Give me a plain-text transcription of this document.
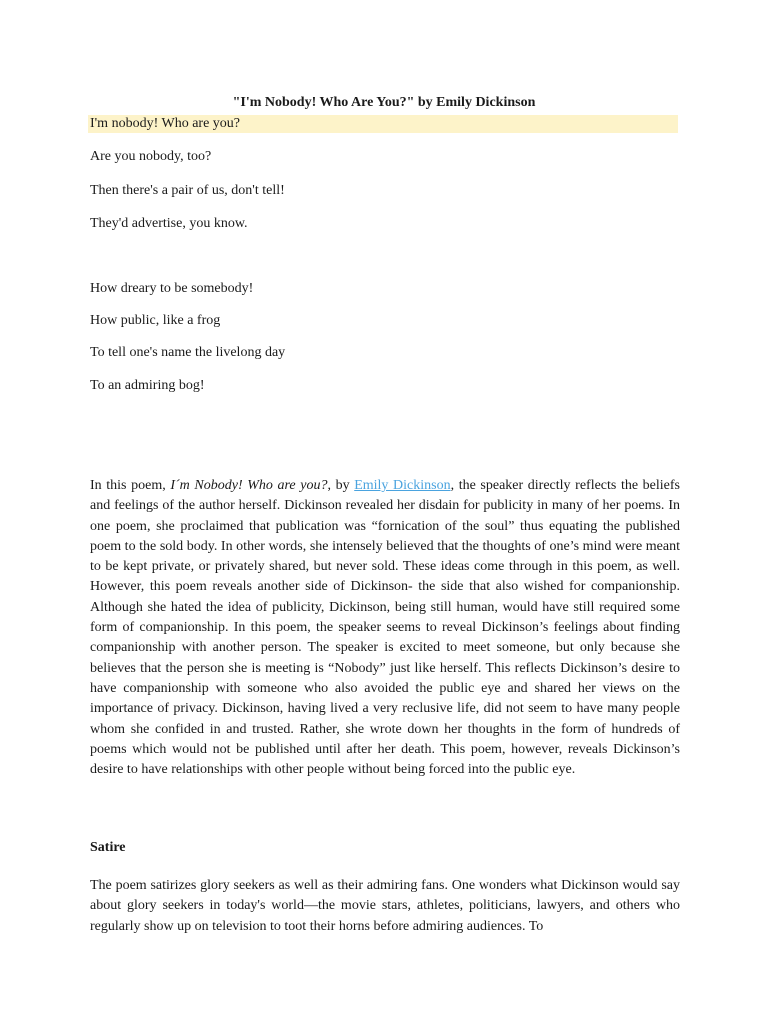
"I'm Nobody! Who Are You?" by Emily Dickinson
I'm nobody! Who are you?
Are you nobody, too?
Then there's a pair of us, don't tell!
They'd advertise, you know.
How dreary to be somebody!
How public, like a frog
To tell one's name the livelong day
To an admiring bog!
In this poem, I´m Nobody! Who are you?, by Emily Dickinson, the speaker directly reflects the beliefs and feelings of the author herself. Dickinson revealed her disdain for publicity in many of her poems. In one poem, she proclaimed that publication was “fornication of the soul” thus equating the published poem to the sold body. In other words, she intensely believed that the thoughts of one’s mind were meant to be kept private, or privately shared, but never sold. These ideas come through in this poem, as well. However, this poem reveals another side of Dickinson- the side that also wished for companionship. Although she hated the idea of publicity, Dickinson, being still human, would have still required some form of companionship. In this poem, the speaker seems to reveal Dickinson’s feelings about finding companionship with another person. The speaker is excited to meet someone, but only because she believes that the person she is meeting is “Nobody” just like herself. This reflects Dickinson’s desire to have companionship with someone who also avoided the public eye and shared her views on the importance of privacy. Dickinson, having lived a very reclusive life, did not seem to have many people whom she confided in and trusted. Rather, she wrote down her thoughts in the form of hundreds of poems which would not be published until after her death. This poem, however, reveals Dickinson’s desire to have relationships with other people without being forced into the public eye.
Satire
The poem satirizes glory seekers as well as their admiring fans. One wonders what Dickinson would say about glory seekers in today's world—the movie stars, athletes, politicians, lawyers, and others who regularly show up on television to toot their horns before admiring audiences. To
